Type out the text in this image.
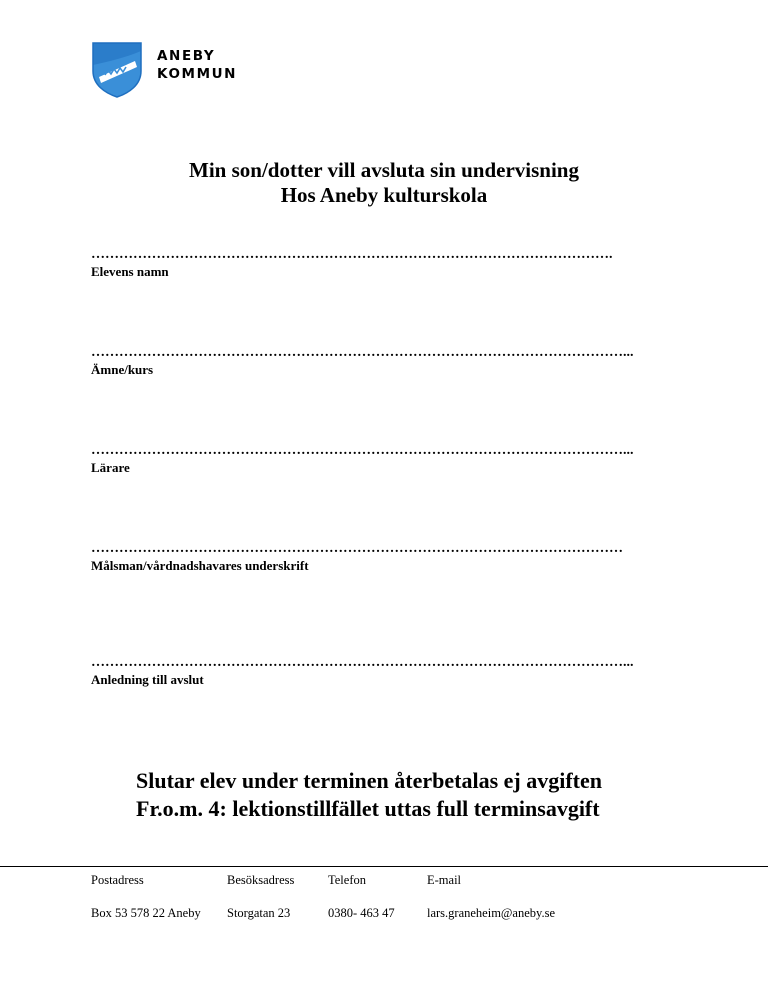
ANEBY
KOMMUN
Min son/dotter vill avsluta sin undervisning
Hos Aneby kulturskola
………………………………………………………………………………………………….
Elevens namn
……………………………………………………………………………………………………...
Ämne/kurs
……………………………………………………………………………………………………...
Lärare
……………………………………………………………………………………………………
Målsman/vårdnadshavares underskrift
……………………………………………………………………………………………………...
Anledning till avslut
Slutar elev under terminen återbetalas ej avgiften
Fr.o.m. 4: lektionstillfället uttas full terminsavgift
Postadress
Box 53 578 22 Aneby
Besöksadress
Storgatan 23
Telefon
0380- 463 47
E-mail
lars.graneheim@aneby.se
